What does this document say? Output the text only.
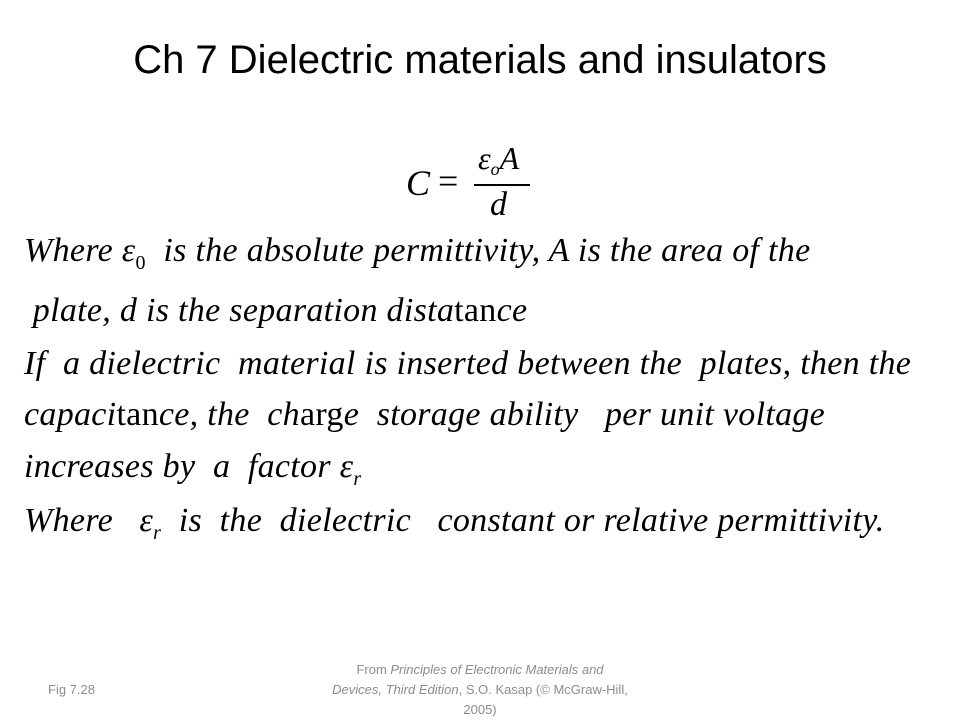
Ch 7 Dielectric materials and insulators
C =
εoA
d
Where $\varepsilon_0$  is the absolute permittivity, A is the area of the
plate, d is the separation distatance
If  a dielectric  material is inserted between the  plates, then the
capacitance, the  charge  storage ability   per unit voltage
increases by  a  factor $\varepsilon_r$
Where   $\varepsilon_r$  is  the  dielectric   constant or relative permittivity.
Fig 7.28
From Principles of Electronic Materials and Devices, Third Edition, S.O. Kasap (© McGraw-Hill, 2005)
